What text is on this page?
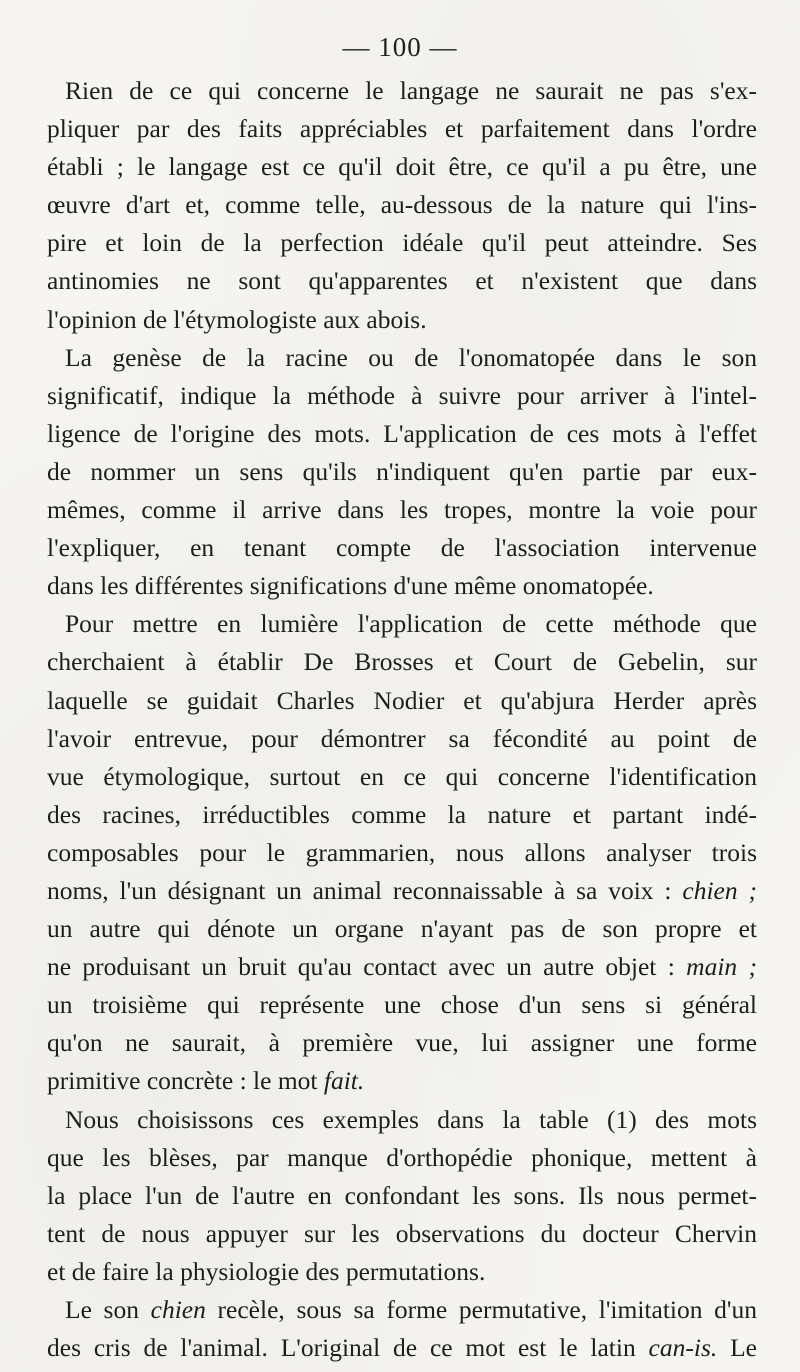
— 100 —
Rien de ce qui concerne le langage ne saurait ne pas s'ex-
pliquer par des faits appréciables et parfaitement dans l'ordre
établi ; le langage est ce qu'il doit être, ce qu'il a pu être, une
œuvre d'art et, comme telle, au-dessous de la nature qui l'ins-
pire et loin de la perfection idéale qu'il peut atteindre. Ses
antinomies ne sont qu'apparentes et n'existent que dans
l'opinion de l'étymologiste aux abois.
La genèse de la racine ou de l'onomatopée dans le son
significatif, indique la méthode à suivre pour arriver à l'intel-
ligence de l'origine des mots. L'application de ces mots à l'effet
de nommer un sens qu'ils n'indiquent qu'en partie par eux-
mêmes, comme il arrive dans les tropes, montre la voie pour
l'expliquer, en tenant compte de l'association intervenue
dans les différentes significations d'une même onomatopée.
Pour mettre en lumière l'application de cette méthode que
cherchaient à établir De Brosses et Court de Gebelin, sur
laquelle se guidait Charles Nodier et qu'abjura Herder après
l'avoir entrevue, pour démontrer sa fécondité au point de
vue étymologique, surtout en ce qui concerne l'identification
des racines, irréductibles comme la nature et partant indé-
composables pour le grammarien, nous allons analyser trois
noms, l'un désignant un animal reconnaissable à sa voix : chien ;
un autre qui dénote un organe n'ayant pas de son propre et
ne produisant un bruit qu'au contact avec un autre objet : main ;
un troisième qui représente une chose d'un sens si général
qu'on ne saurait, à première vue, lui assigner une forme
primitive concrète : le mot fait.
Nous choisissons ces exemples dans la table (1) des mots
que les blèses, par manque d'orthopédie phonique, mettent à
la place l'un de l'autre en confondant les sons. Ils nous permet-
tent de nous appuyer sur les observations du docteur Chervin
et de faire la physiologie des permutations.
Le son chien recèle, sous sa forme permutative, l'imitation d'un
des cris de l'animal. L'original de ce mot est le latin can-is. Le
